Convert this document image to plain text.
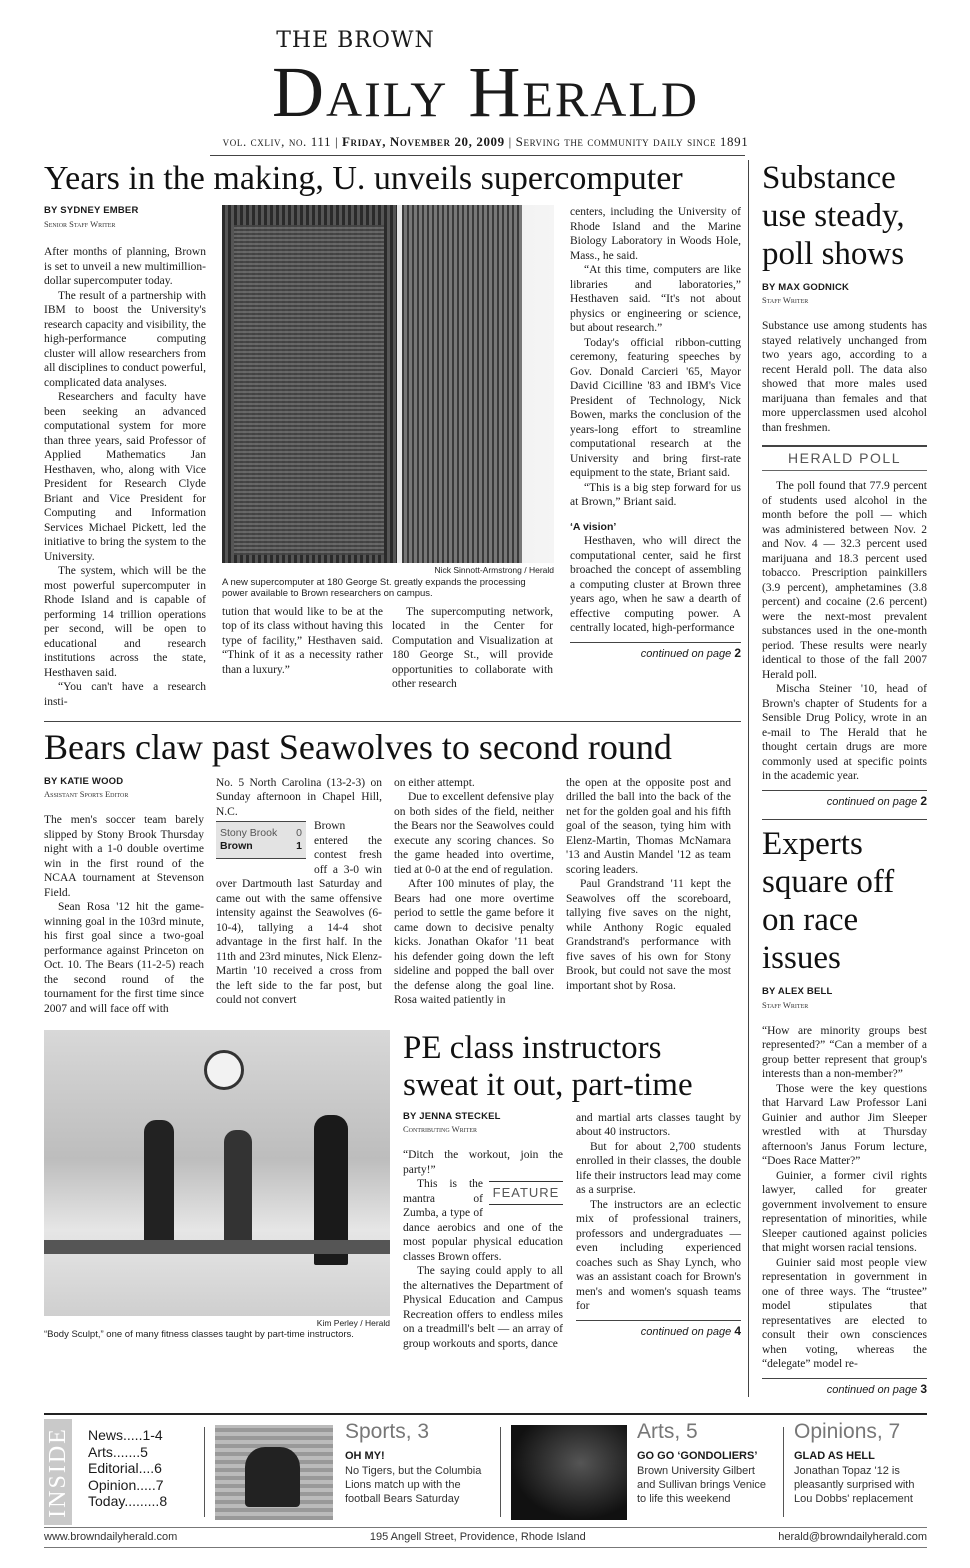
THE BROWN
Daily Herald
vol. cxliv, no. 111 | Friday, November 20, 2009 | Serving the community daily since 1891
Years in the making, U. unveils supercomputer
BY SYDNEY EMBER
Senior Staff Writer

After months of planning, Brown is set to unveil a new multimillion-dollar supercomputer today.

The result of a partnership with IBM to boost the University's research capacity and visibility, the high-performance computing cluster will allow researchers from all disciplines to conduct powerful, complicated data analyses.

Researchers and faculty have been seeking an advanced computational system for more than three years, said Professor of Applied Mathematics Jan Hesthaven, who, along with Vice President for Research Clyde Briant and Vice President for Computing and Information Services Michael Pickett, led the initiative to bring the system to the University.

The system, which will be the most powerful supercomputer in Rhode Island and is capable of performing 14 trillion operations per second, will be open to educational and research institutions across the state, Hesthaven said.

“You can't have a research insti-

Nick Sinnott-Armstrong / Herald
A new supercomputer at 180 George St. greatly expands the processing power available to Brown researchers on campus.

tution that would like to be at the top of its class without having this type of facility,” Hesthaven said. “Think of it as a necessity rather than a luxury.”

The supercomputing network, located in the Center for Computation and Visualization at 180 George St., will provide opportunities to collaborate with other research

centers, including the University of Rhode Island and the Marine Biology Laboratory in Woods Hole, Mass., he said.

“At this time, computers are like libraries and laboratories,” Hesthaven said. “It's not about physics or engineering or science, but about research.”

Today's official ribbon-cutting ceremony, featuring speeches by Gov. Donald Carcieri '65, Mayor David Cicilline '83 and IBM's Vice President of Technology, Nick Bowen, marks the conclusion of the years-long effort to streamline computational research at the University and bring first-rate equipment to the state, Briant said.

“This is a big step forward for us at Brown,” Briant said.

‘A vision’

Hesthaven, who will direct the computational center, said he first broached the concept of assembling a computing cluster at Brown three years ago, when he saw a dearth of effective computing power. A centrally located, high-performance

continued on page 2
Bears claw past Seawolves to second round
BY KATIE WOOD
Assistant Sports Editor

The men's soccer team barely slipped by Stony Brook Thursday night with a 1-0 double overtime win in the first round of the NCAA tournament at Stevenson Field.

Sean Rosa '12 hit the game-winning goal in the 103rd minute, his first goal since a two-goal performance against Princeton on Oct. 10. The Bears (11-2-5) reach the second round of the tournament for the first time since 2007 and will face off with

No. 5 North Carolina (13-2-3) on Sunday afternoon in Chapel Hill, N.C.

Stony Brook 0
Brown	1

Brown entered the contest fresh off a 3-0 win over Dartmouth last Saturday and came out with the same offensive intensity against the Seawolves (6-10-4), tallying a 14-4 shot advantage in the first half. In the 11th and 23rd minutes, Nick Elenz-Martin '10 received a cross from the left side to the far post, but could not convert

on either attempt.

Due to excellent defensive play on both sides of the field, neither the Bears nor the Seawolves could execute any scoring chances. So the game headed into overtime, tied at 0-0 at the end of regulation.

After 100 minutes of play, the Bears had one more overtime period to settle the game before it came down to decisive penalty kicks. Jonathan Okafor '11 beat his defender going down the left sideline and popped the ball over the defense along the goal line. Rosa waited patiently in

the open at the opposite post and drilled the ball into the back of the net for the golden goal and his fifth goal of the season, tying him with Elenz-Martin, Thomas McNamara '13 and Austin Mandel '12 as team scoring leaders.

Paul Grandstrand '11 kept the Seawolves off the scoreboard, tallying five saves on the night, while Anthony Rogic equaled Grandstrand's performance with five saves of his own for Stony Brook, but could not save the most important shot by Rosa.

Kim Perley / Herald
“Body Sculpt,” one of many fitness classes taught by part-time instructors.
PE class instructors sweat it out, part-time
BY JENNA STECKEL
Contributing Writer

“Ditch the workout, join the party!”

FEATURE

This is the mantra of Zumba, a type of dance aerobics and one of the most popular physical education classes Brown offers.

The saying could apply to all the alternatives the Department of Physical Education and Campus Recreation offers to endless miles on a treadmill's belt — an array of group workouts and sports, dance

and martial arts classes taught by about 40 instructors.

But for about 2,700 students enrolled in their classes, the double life their instructors lead may come as a surprise.

The instructors are an eclectic mix of professional trainers, professors and undergraduates — even including experienced coaches such as Shay Lynch, who was an assistant coach for Brown's men's and women's squash teams for

continued on page 4
Substance use steady, poll shows
BY MAX GODNICK
Staff Writer

Substance use among students has stayed relatively unchanged from two years ago, according to a recent Herald poll. The data also showed that more males used marijuana than females and that more upperclassmen used alcohol than freshmen.

HERALD POLL

The poll found that 77.9 percent of students used alcohol in the month before the poll — which was administered between Nov. 2 and Nov. 4 — 32.3 percent used marijuana and 18.3 percent used tobacco. Prescription painkillers (3.9 percent), amphetamines (3.8 percent) and cocaine (2.6 percent) were the next-most prevalent substances used in the one-month period. These results were nearly identical to those of the fall 2007 Herald poll.

Mischa Steiner '10, head of Brown's chapter of Students for a Sensible Drug Policy, wrote in an e-mail to The Herald that he thought certain drugs are more commonly used at specific points in the academic year.

continued on page 2
Experts square off on race issues
BY ALEX BELL
Staff Writer

“How are minority groups best represented?” “Can a member of a group better represent that group's interests than a non-member?”

Those were the key questions that Harvard Law Professor Lani Guinier and author Jim Sleeper wrestled with at Thursday afternoon's Janus Forum lecture, “Does Race Matter?”

Guinier, a former civil rights lawyer, called for greater government involvement to ensure representation of minorities, while Sleeper cautioned against policies that might worsen racial tensions.

Guinier said most people view representation in government in one of three ways. The “trustee” model stipulates that representatives are elected to consult their own consciences when voting, whereas the “delegate” model re-

continued on page 3
INSIDE News.....1-4
Arts.......5
Editorial....6
Opinion.....7
Today.........8
Sports, 3
OH MY!
No Tigers, but the Columbia Lions match up with the football Bears Saturday
Arts, 5
GO GO ‘GONDOLIERS’
Brown University Gilbert and Sullivan brings Venice to life this weekend
Opinions, 7
GLAD AS HELL
Jonathan Topaz '12 is pleasantly surprised with Lou Dobbs' replacement
www.browndailyherald.com	195 Angell Street, Providence, Rhode Island	herald@browndailyherald.com
